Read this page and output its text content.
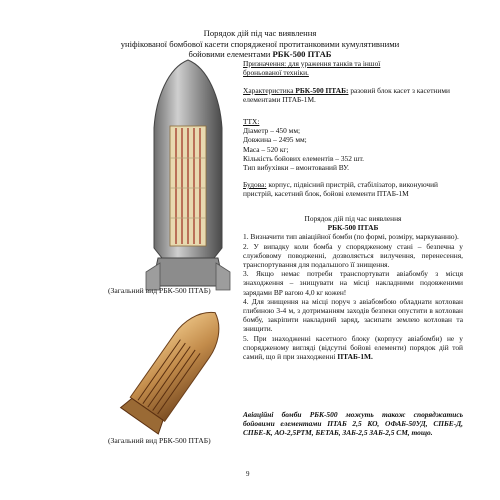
Порядок дій під час виявлення
уніфікованої бомбової касети спорядженої протитанковими кумулятивними
бойовими елементами РБК-500 ПТАБ
(Загальний вид РБК-500 ПТАБ)
(Загальний вид РБК-500 ПТАБ)
Призначення: для ураження танків та іншої
броньованої техніки.
Характеристика РБК-500 ПТАБ: разовий блок касет з касетними елементами ПТАБ-1М.
ТТХ:
Діаметр – 450 мм;
Довжина – 2495 мм;
Маса – 520 кг;
Кількість бойових елементів – 352 шт.
Тип вибухівки – вмонтований ВУ.
Будова: корпус, підвісний пристрій, стабілізатор, виконуючий пристрій, касетний блок, бойові елементи ПТАБ-1М
Порядок дій під час виявлення
РБК-500 ПТАБ
1. Визначити тип авіаційної бомби (по формі, розміру, маркуванню).
2. У випадку коли бомба у спорядженому стані – безпечна у службовому поводженні, дозволяється вилучення, перенесення, транспортування для подальшого її знищення.
3. Якщо немає потреби транспортувати авіабомбу з місця знаходження – знищувати на місці накладними подовженими зарядами ВР вагою 4,0 кг кожен!
4. Для знищення на місці поруч з авіабомбою обладнати котлован глибиною 3-4 м, з дотриманням заходів безпеки опустити в котлован бомбу, закріпити накладний заряд, засипати землею котлован та знищити.
5. При знаходженні касетного блоку (корпусу авіабомби) не у спорядженому вигляді (відсутні бойові елементи) порядок дій той самий, що й при знаходженні ПТАБ-1М.
Авіаційні бомби РБК-500 можуть також споряджатись бойовими елементами ПТАБ 2,5 КО, ОФАБ-50УД, СПБЕ-Д, СПБЕ-К, АО-2,5РТМ, БЕТАБ, ЗАБ-2,5 ЗАБ-2,5 СМ, тощо.
9
